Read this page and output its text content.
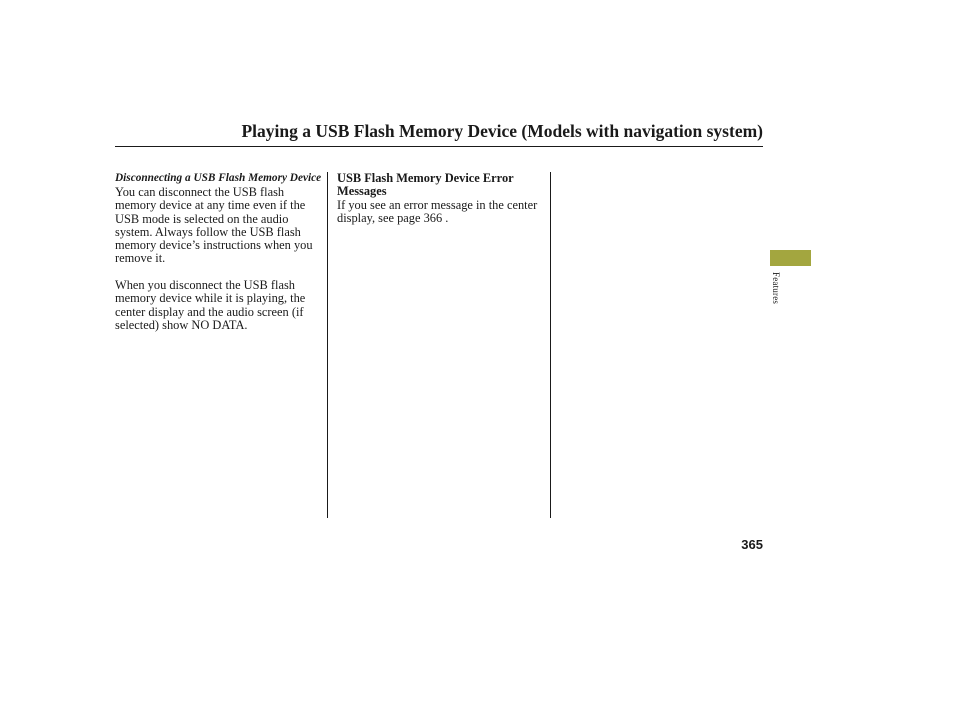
Playing a USB Flash Memory Device (Models with navigation system)

Disconnecting a USB Flash Memory Device

You can disconnect the USB flash memory device at any time even if the USB mode is selected on the audio system. Always follow the USB flash memory device’s instructions when you remove it.

When you disconnect the USB flash memory device while it is playing, the center display and the audio screen (if selected) show NO DATA.

USB Flash Memory Device Error Messages

If you see an error message in the center display, see page 366 .

Features
365
